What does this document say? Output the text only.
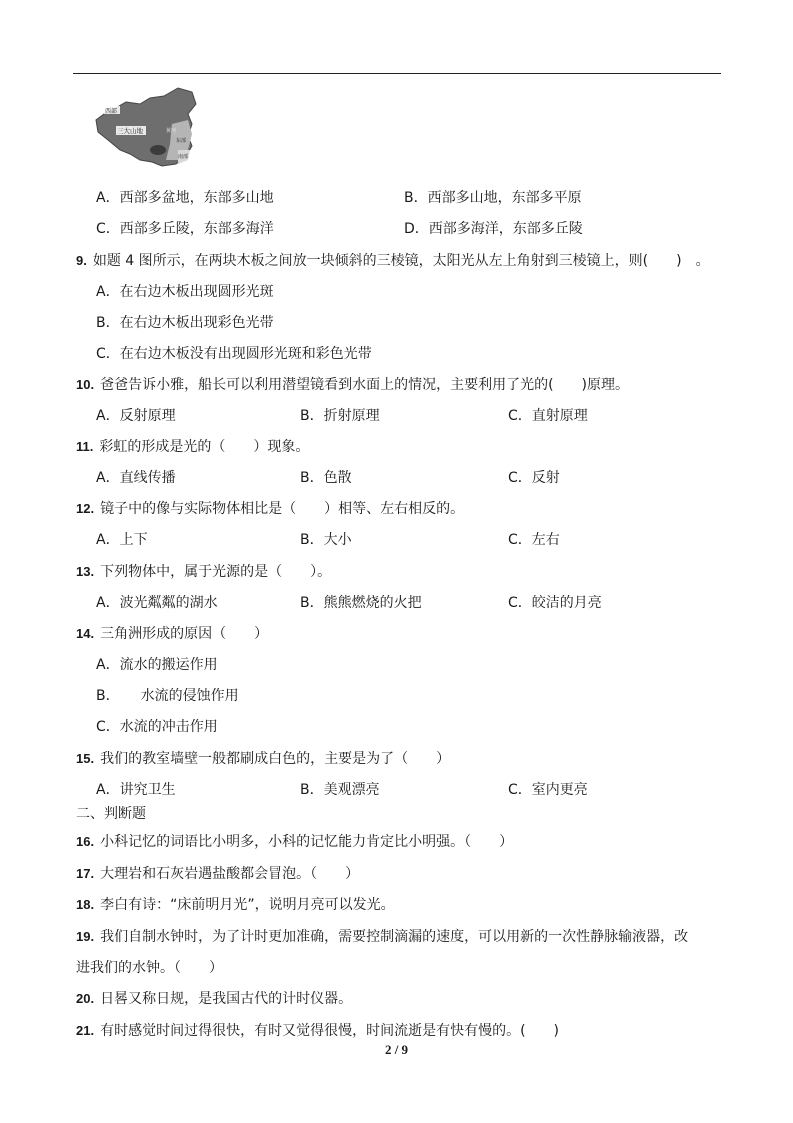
西部
三大山地	黄河
东部
南部
A．西部多盆地，东部多山地	B．西部多山地，东部多平原
C．西部多丘陵，东部多海洋	D．西部多海洋，东部多丘陵
9. 如题 4 图所示，在两块木板之间放一块倾斜的三棱镜，太阳光从左上角射到三棱镜上，则(　　)　。
A．在右边木板出现圆形光斑
B．在右边木板出现彩色光带
C．在右边木板没有出现圆形光斑和彩色光带
10. 爸爸告诉小雅，船长可以利用潜望镜看到水面上的情况，主要利用了光的(　　)原理。
A．反射原理	B．折射原理	C．直射原理
11. 彩虹的形成是光的（　　）现象。
A．直线传播	B．色散	C．反射
12. 镜子中的像与实际物体相比是（　　）相等、左右相反的。
A．上下	B．大小	C．左右
13. 下列物体中，属于光源的是（　　）。
A．波光粼粼的湖水	B．熊熊燃烧的火把	C．皎洁的月亮
14. 三角洲形成的原因（　　）
A．流水的搬运作用
B．　　水流的侵蚀作用
C．水流的冲击作用
15. 我们的教室墙壁一般都刷成白色的，主要是为了（　　）
A．讲究卫生	B．美观漂亮	C．室内更亮
二、判断题
16. 小科记忆的词语比小明多，小科的记忆能力肯定比小明强。（　　）
17. 大理岩和石灰岩遇盐酸都会冒泡。（　　）
18. 李白有诗：“床前明月光”，说明月亮可以发光。
19. 我们自制水钟时，为了计时更加准确，需要控制滴漏的速度，可以用新的一次性静脉输液器，改
进我们的水钟。（　　）
20. 日晷又称日规，是我国古代的计时仪器。
21. 有时感觉时间过得很快，有时又觉得很慢，时间流逝是有快有慢的。(　　)
2 / 9
